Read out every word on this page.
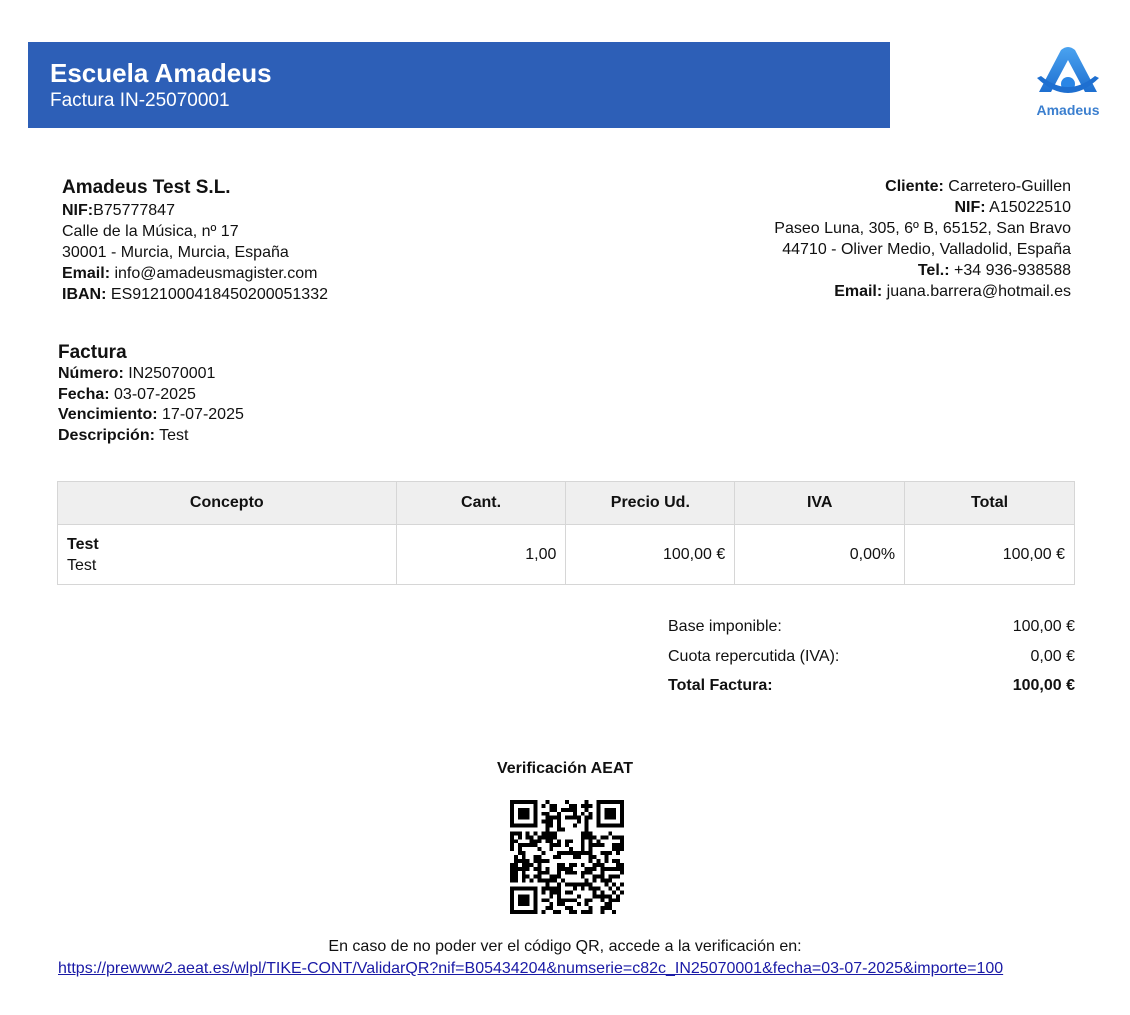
Escuela Amadeus
Factura IN-25070001	Amadeus
Amadeus Test S.L.
NIF:B75777847
Calle de la Música, nº 17
30001 - Murcia, Murcia, España
Email: info@amadeusmagister.com
IBAN: ES9121000418450200051332
Cliente: Carretero-Guillen
NIF: A15022510
Paseo Luna, 305, 6º B, 65152, San Bravo
44710 - Oliver Medio, Valladolid, España
Tel.: +34 936-938588
Email: juana.barrera@hotmail.es
Factura
Número: IN25070001
Fecha: 03-07-2025
Vencimiento: 17-07-2025
Descripción: Test
Concepto	Cant.	Precio Ud.	IVA	Total

Test
Test	1,00	100,00 €	0,00%	100,00 €
Base imponible:	100,00 €
Cuota repercutida (IVA):	0,00 €
Total Factura:	100,00 €
Verificación AEAT
En caso de no poder ver el código QR, accede a la verificación en:
https://prewww2.aeat.es/wlpl/TIKE-CONT/ValidarQR?nif=B05434204&numserie=c82c_IN25070001&fecha=03-07-2025&importe=100
